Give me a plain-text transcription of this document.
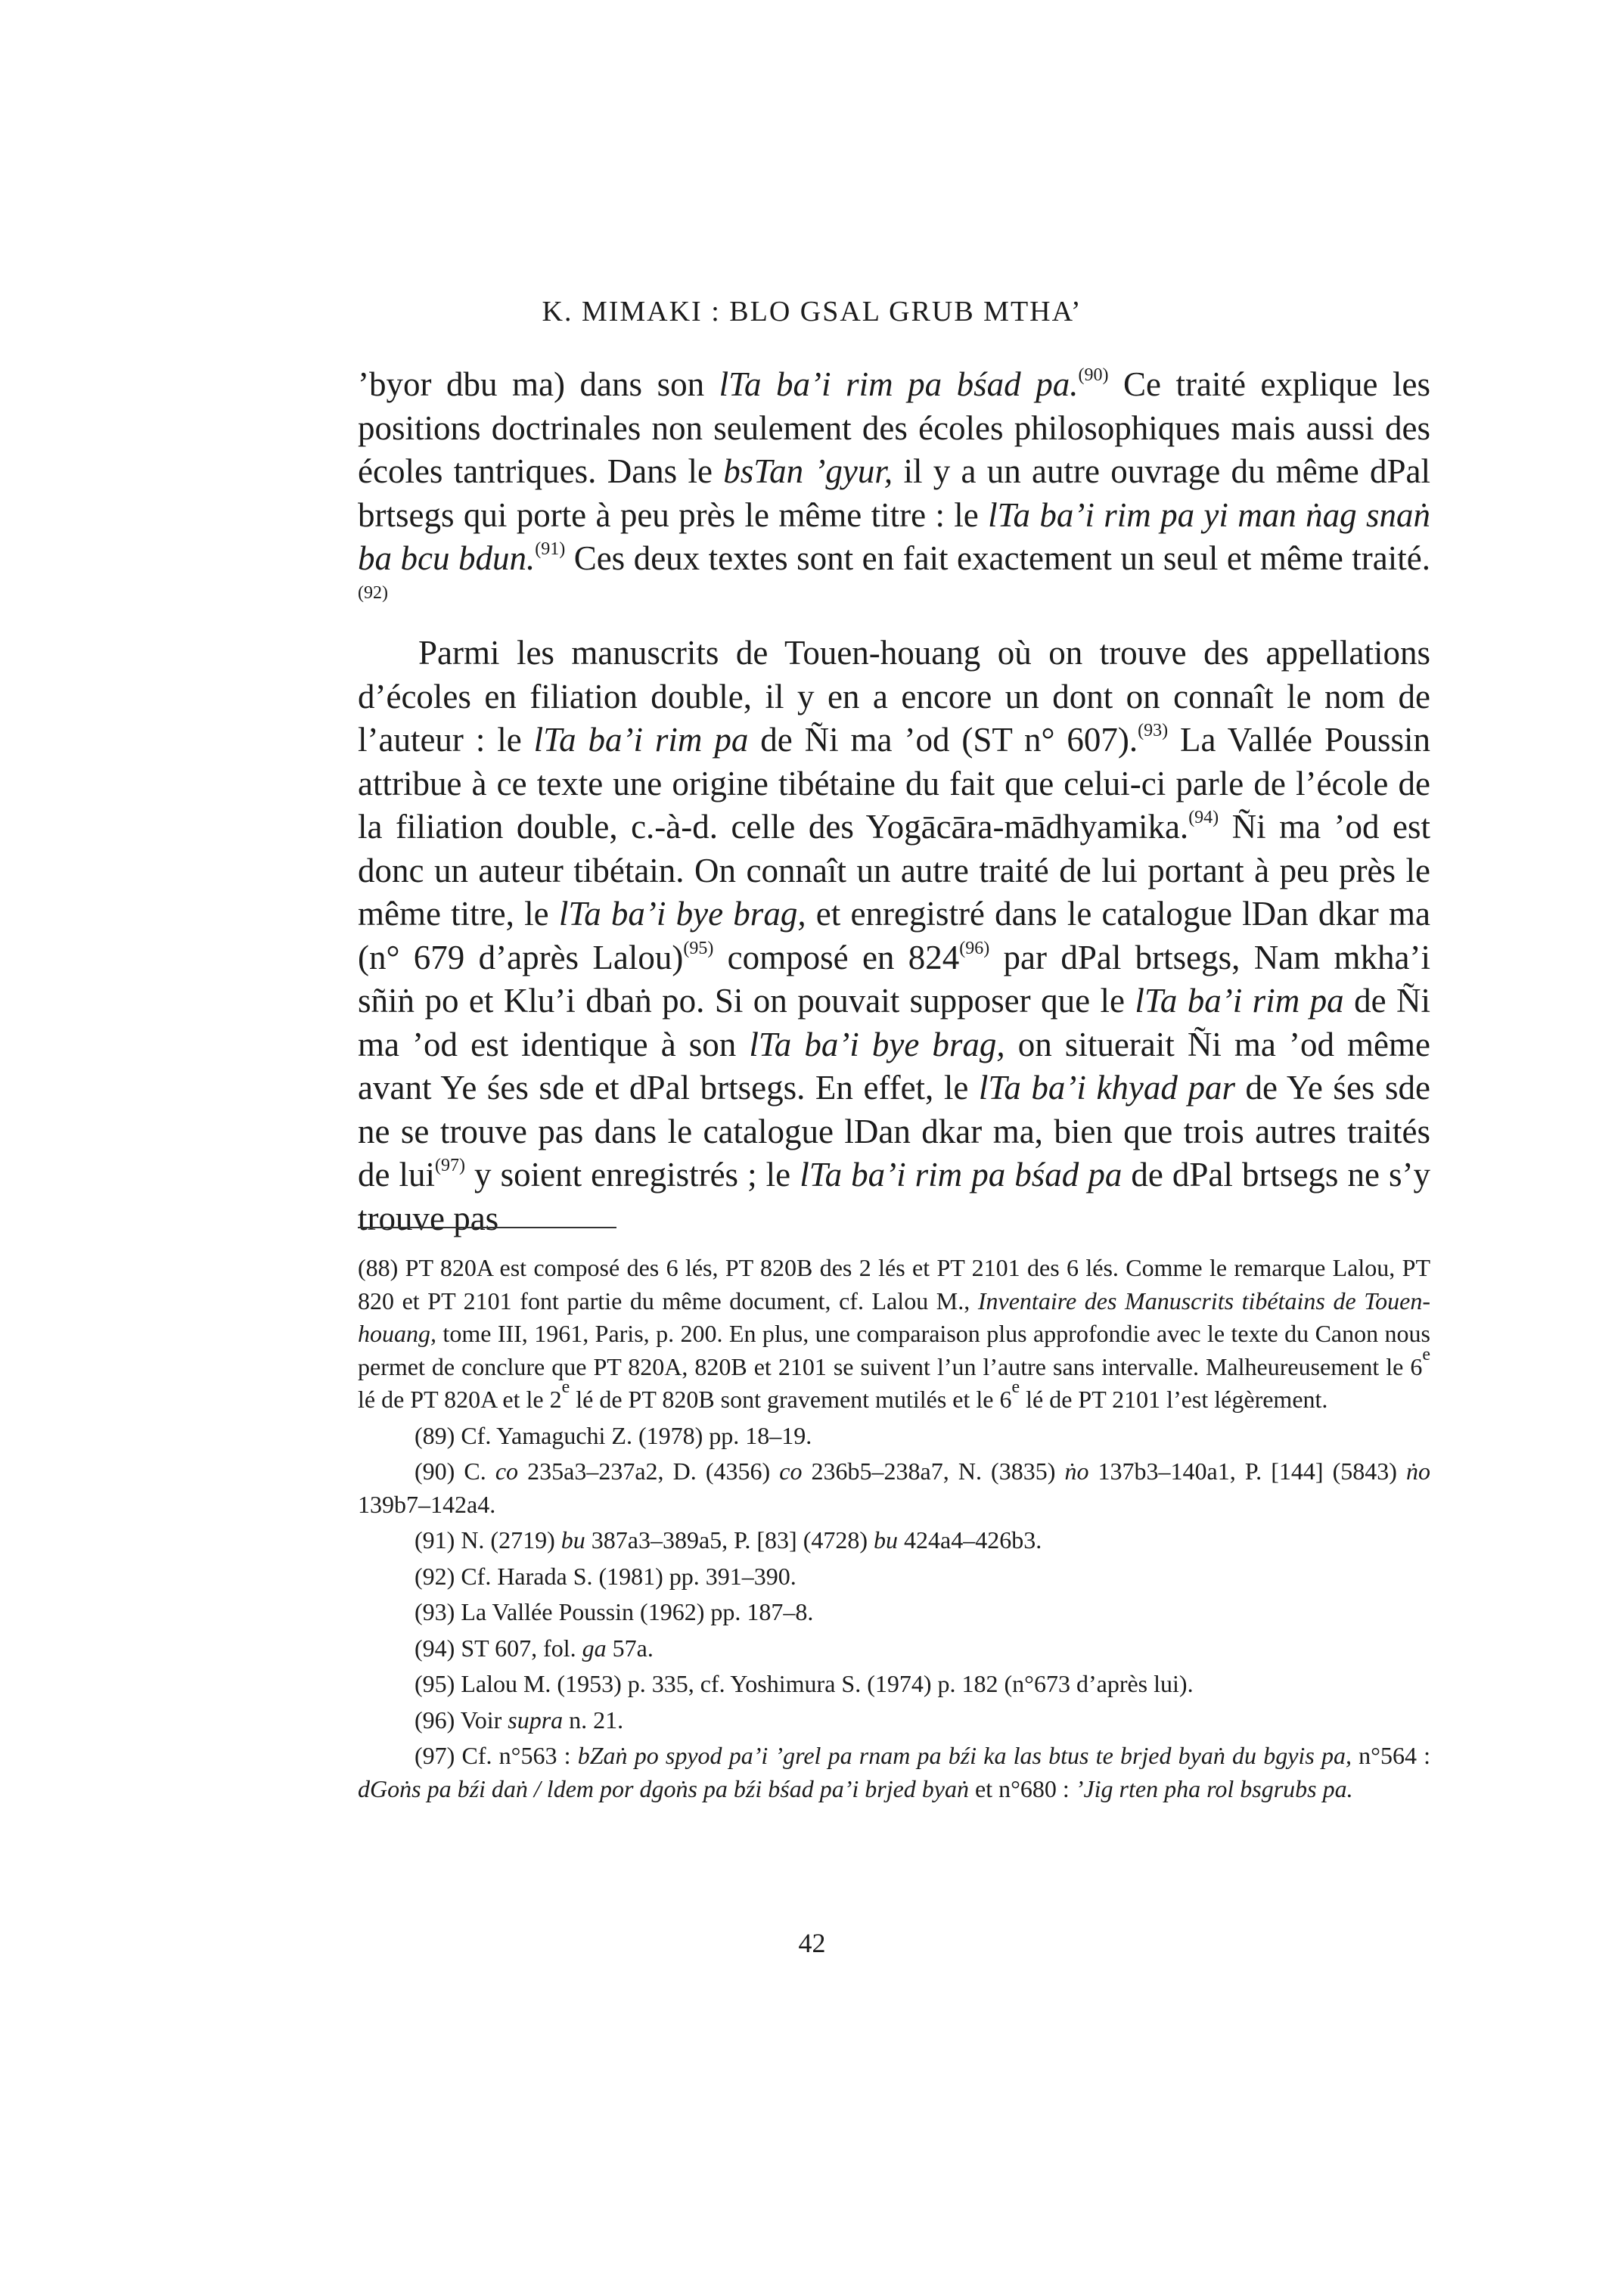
K. MIMAKI : BLO GSAL GRUB MTHA’

’byor dbu ma) dans son lTa ba’i rim pa bśad pa.$^{(90)}$ Ce traité explique les positions doctrinales non seulement des écoles philosophiques mais aussi des écoles tantriques. Dans le bsTan ’gyur, il y a un autre ouvrage du même dPal brtsegs qui porte à peu près le même titre : le lTa ba’i rim pa yi man ṅag snaṅ ba bcu bdun.$^{(91)}$ Ces deux textes sont en fait exactement un seul et même traité.$^{(92)}$

Parmi les manuscrits de Touen-houang où on trouve des appellations d’écoles en filiation double, il y en a encore un dont on connaît le nom de l’auteur : le lTa ba’i rim pa de Ñi ma ’od (ST n° 607).$^{(93)}$ La Vallée Poussin attribue à ce texte une origine tibétaine du fait que celui-ci parle de l’école de la filiation double, c.-à-d. celle des Yogācāra-mādhyamika.$^{(94)}$ Ñi ma ’od est donc un auteur tibétain. On connaît un autre traité de lui portant à peu près le même titre, le lTa ba’i bye brag, et enregistré dans le catalogue lDan dkar ma (n° 679 d’après Lalou)$^{(95)}$ composé en 824$^{(96)}$ par dPal brtsegs, Nam mkha’i sñiṅ po et Klu’i dbaṅ po. Si on pouvait supposer que le lTa ba’i rim pa de Ñi ma ’od est identique à son lTa ba’i bye brag, on situerait Ñi ma ’od même avant Ye śes sde et dPal brtsegs. En effet, le lTa ba’i khyad par de Ye śes sde ne se trouve pas dans le catalogue lDan dkar ma, bien que trois autres traités de lui$^{(97)}$ y soient enregistrés ; le lTa ba’i rim pa bśad pa de dPal brtsegs ne s’y trouve pas

(88) PT 820A est composé des 6 lés, PT 820B des 2 lés et PT 2101 des 6 lés. Comme le remarque Lalou, PT 820 et PT 2101 font partie du même document, cf. Lalou M., Inventaire des Manuscrits tibétains de Touen-houang, tome III, 1961, Paris, p. 200. En plus, une comparaison plus approfondie avec le texte du Canon nous permet de conclure que PT 820A, 820B et 2101 se suivent l’un l’autre sans intervalle. Malheureusement le 6e lé de PT 820A et le 2e lé de PT 820B sont gravement mutilés et le 6e lé de PT 2101 l’est légèrement.

(89) Cf. Yamaguchi Z. (1978) pp. 18–19.

(90) C. co 235a3–237a2, D. (4356) co 236b5–238a7, N. (3835) ṅo 137b3–140a1, P. [144] (5843) ṅo 139b7–142a4.

(91) N. (2719) bu 387a3–389a5, P. [83] (4728) bu 424a4–426b3.

(92) Cf. Harada S. (1981) pp. 391–390.

(93) La Vallée Poussin (1962) pp. 187–8.

(94) ST 607, fol. ga 57a.

(95) Lalou M. (1953) p. 335, cf. Yoshimura S. (1974) p. 182 (n°673 d’après lui).

(96) Voir supra n. 21.

(97) Cf. n°563 : bZaṅ po spyod pa’i ’grel pa rnam pa bźi ka las btus te brjed byaṅ du bgyis pa, n°564 : dGoṅs pa bźi daṅ / ldem por dgoṅs pa bźi bśad pa’i brjed byaṅ et n°680 : ’Jig rten pha rol bsgrubs pa.

42
